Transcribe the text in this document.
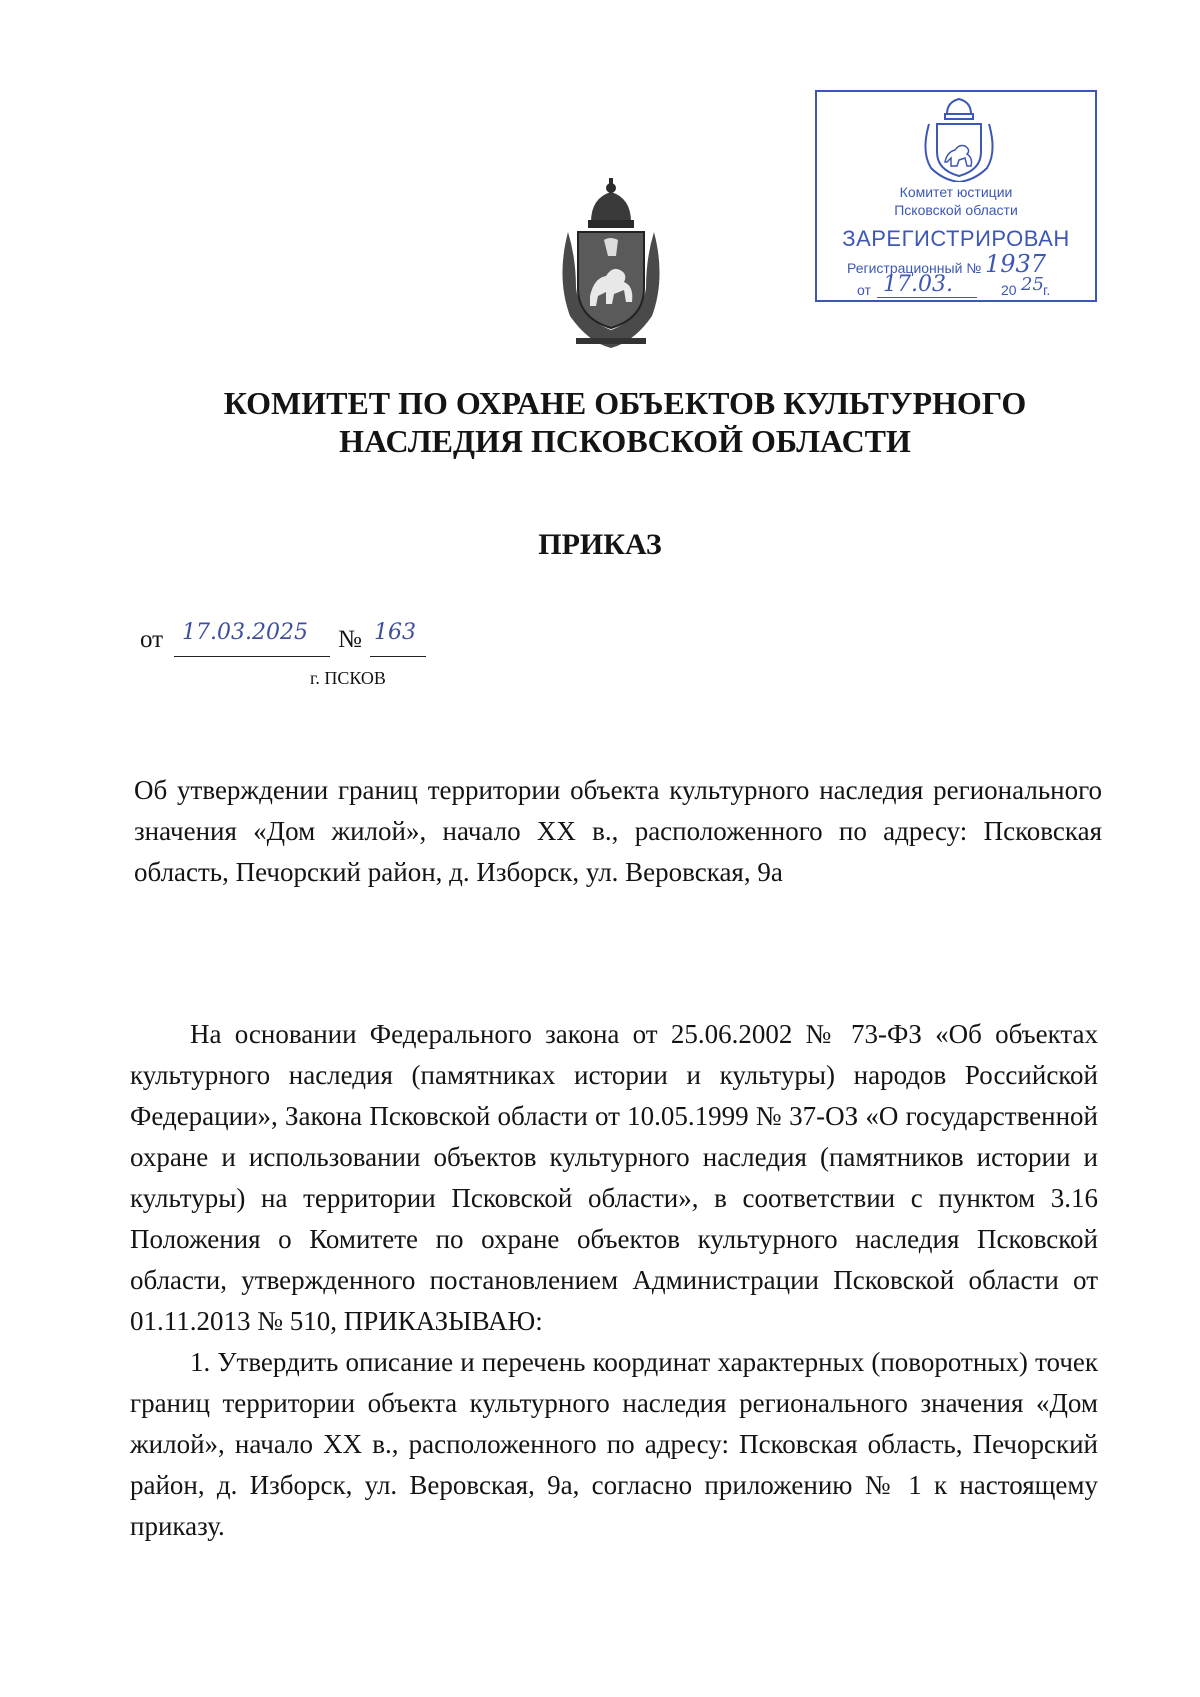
Комитет юстиции
Псковской области
ЗАРЕГИСТРИРОВАН
Регистрационный № 1937
от 17.03.	20 25 г.
КОМИТЕТ ПО ОХРАНЕ ОБЪЕКТОВ КУЛЬТУРНОГО
НАСЛЕДИЯ ПСКОВСКОЙ ОБЛАСТИ
ПРИКАЗ
от 17.03.2025 № 163
г. ПСКОВ
Об утверждении границ территории объекта культурного наследия регионального значения «Дом жилой», начало XX в., расположенного по адресу: Псковская область, Печорский район, д. Изборск, ул. Веровская, 9а

На основании Федерального закона от 25.06.2002 № 73-ФЗ «Об объектах культурного наследия (памятниках истории и культуры) народов Российской Федерации», Закона Псковской области от 10.05.1999 № 37-ОЗ «О государственной охране и использовании объектов культурного наследия (памятников истории и культуры) на территории Псковской области», в соответствии с пунктом 3.16 Положения о Комитете по охране объектов культурного наследия Псковской области, утвержденного постановлением Администрации Псковской области от 01.11.2013 № 510, ПРИКАЗЫВАЮ:

1. Утвердить описание и перечень координат характерных (поворотных) точек границ территории объекта культурного наследия регионального значения «Дом жилой», начало XX в., расположенного по адресу: Псковская область, Печорский район, д. Изборск, ул. Веровская, 9а, согласно приложению № 1 к настоящему приказу.
